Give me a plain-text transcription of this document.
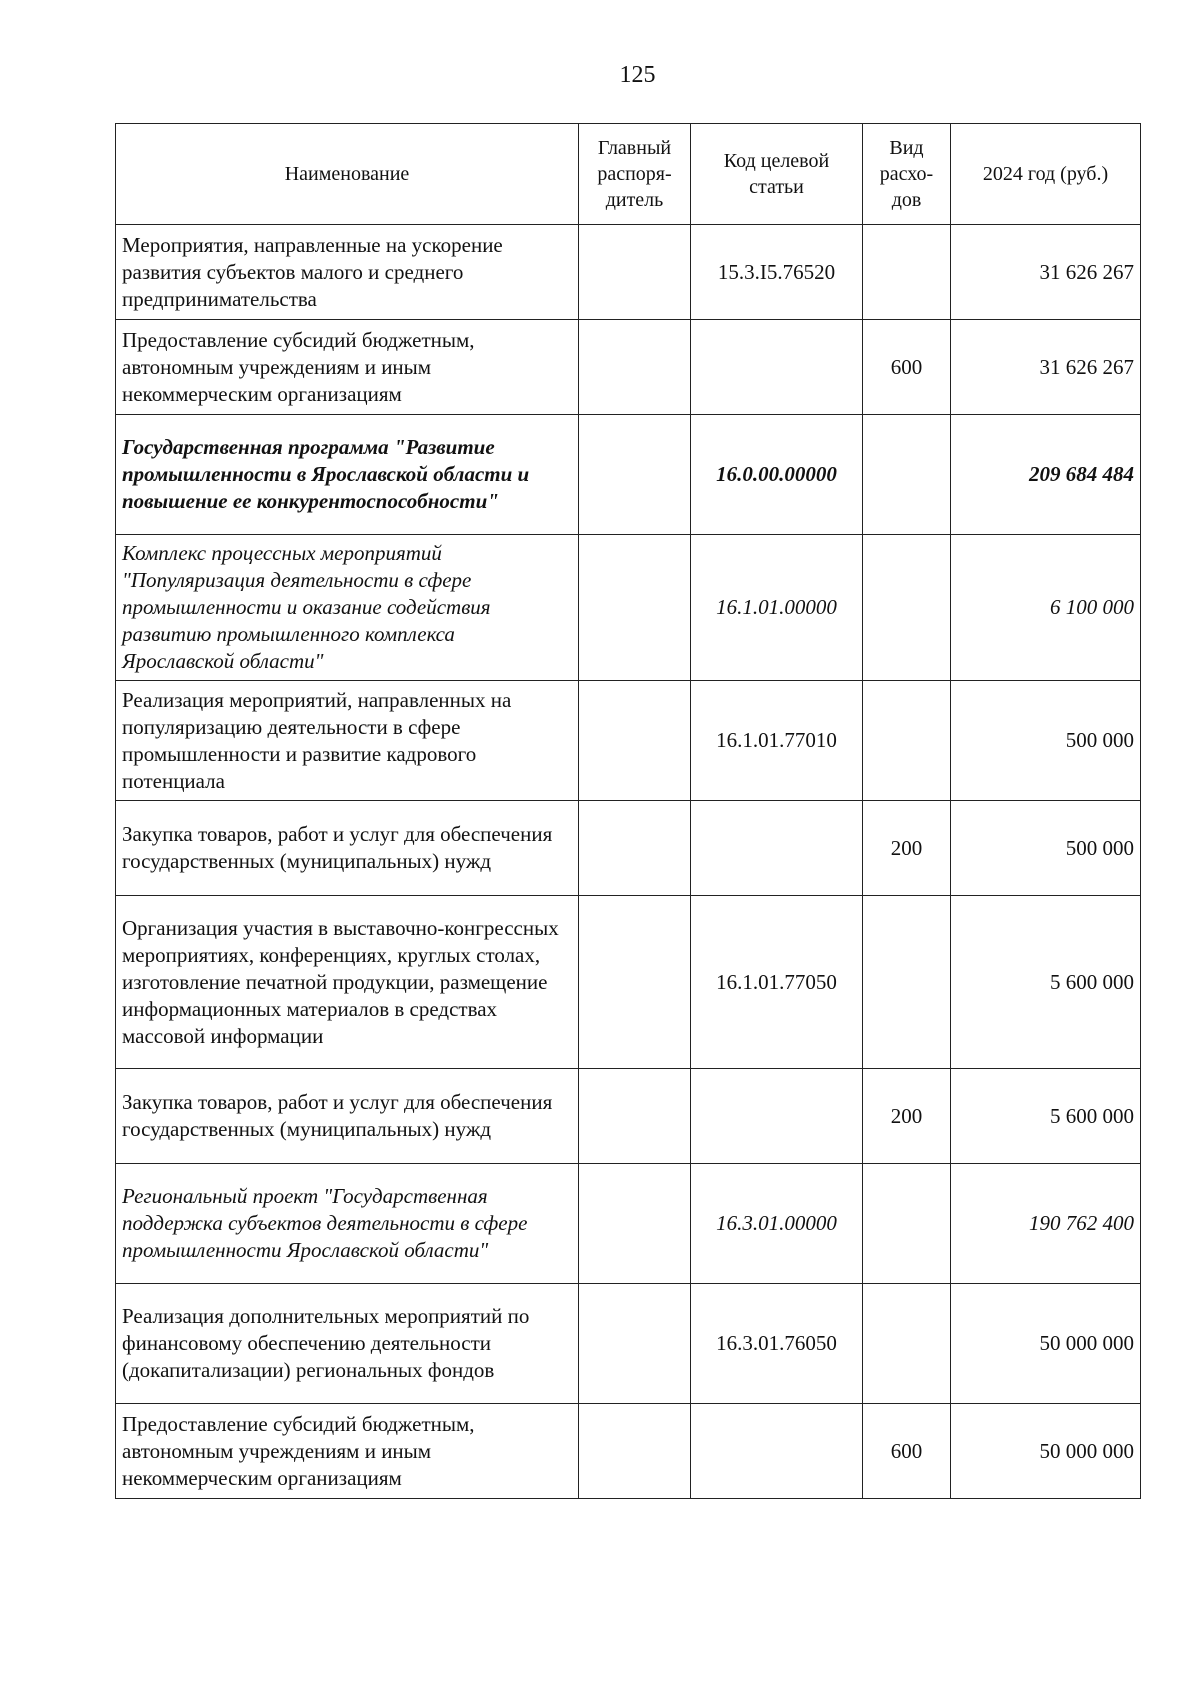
125
Наименование	Главный распоря- дитель	Код целевой статьи	Вид расхо- дов	2024 год (руб.)
Мероприятия, направленные на ускорение развития субъектов малого и среднего предпринимательства		15.3.I5.76520		31 626 267
Предоставление субсидий бюджетным, автономным учреждениям и иным некоммерческим организациям			600	31 626 267
Государственная программа "Развитие промышленности в Ярославской области и повышение ее конкурентоспособности"		16.0.00.00000		209 684 484
Комплекс процессных мероприятий "Популяризация деятельности в сфере промышленности и оказание содействия развитию промышленного комплекса Ярославской области"		16.1.01.00000		6 100 000
Реализация мероприятий, направленных на популяризацию деятельности в сфере промышленности и развитие кадрового потенциала		16.1.01.77010		500 000
Закупка товаров, работ и услуг для обеспечения государственных (муниципальных) нужд			200	500 000
Организация участия в выставочно-конгрессных мероприятиях, конференциях, круглых столах, изготовление печатной продукции, размещение информационных материалов в средствах массовой информации		16.1.01.77050		5 600 000
Закупка товаров, работ и услуг для обеспечения государственных (муниципальных) нужд			200	5 600 000
Региональный проект "Государственная поддержка субъектов деятельности в сфере промышленности Ярославской области"		16.3.01.00000		190 762 400
Реализация дополнительных мероприятий по финансовому обеспечению деятельности (докапитализации) региональных фондов		16.3.01.76050		50 000 000
Предоставление субсидий бюджетным, автономным учреждениям и иным некоммерческим организациям			600	50 000 000
